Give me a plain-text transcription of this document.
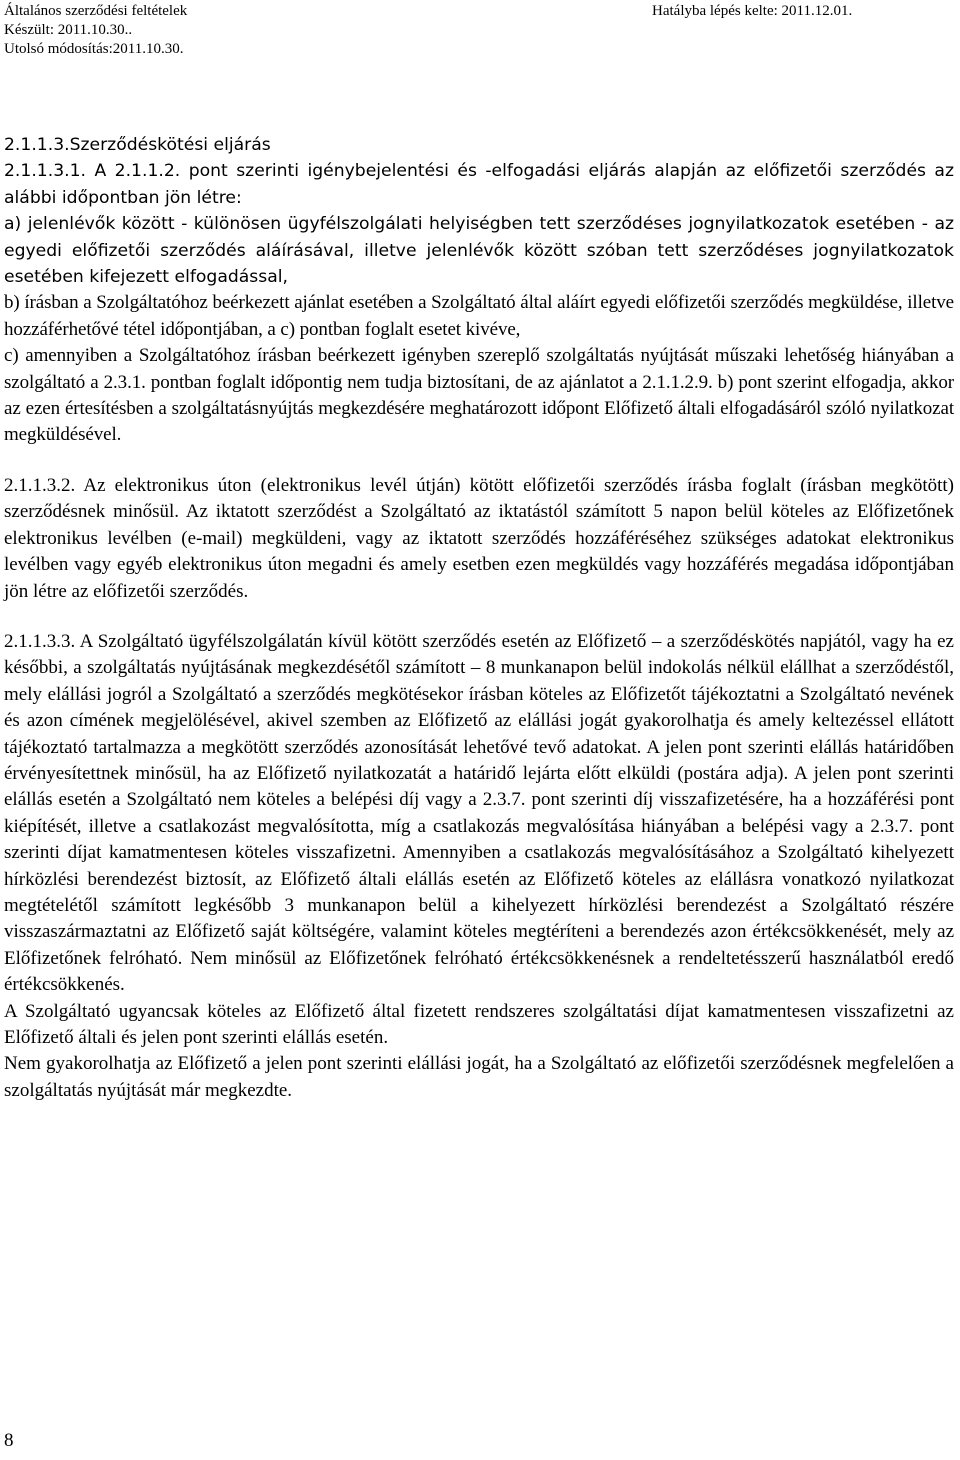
Általános szerződési feltételek
Készült: 2011.10.30..
Utolsó módosítás:2011.10.30.
Hatályba lépés kelte: 2011.12.01.

2.1.1.3.Szerződéskötési eljárás

2.1.1.3.1. A 2.1.1.2. pont szerinti igénybejelentési és -elfogadási eljárás alapján az előfizetői szerződés az alábbi időpontban jön létre:

a) jelenlévők között - különösen ügyfélszolgálati helyiségben tett szerződéses jognyilatkozatok esetében - az egyedi előfizetői szerződés aláírásával, illetve jelenlévők között szóban tett szerződéses jognyilatkozatok esetében kifejezett elfogadással,

b) írásban a Szolgáltatóhoz beérkezett ajánlat esetében a Szolgáltató által aláírt egyedi előfizetői szerződés megküldése, illetve hozzáférhetővé tétel időpontjában, a c) pontban foglalt esetet kivéve,

c) amennyiben a Szolgáltatóhoz írásban beérkezett igényben szereplő szolgáltatás nyújtását műszaki lehetőség hiányában a szolgáltató a 2.3.1. pontban foglalt időpontig nem tudja biztosítani, de az ajánlatot a 2.1.1.2.9. b) pont szerint elfogadja, akkor az ezen értesítésben a szolgáltatásnyújtás megkezdésére meghatározott időpont Előfizető általi elfogadásáról szóló nyilatkozat megküldésével.

2.1.1.3.2. Az elektronikus úton (elektronikus levél útján) kötött előfizetői szerződés írásba foglalt (írásban megkötött) szerződésnek minősül. Az iktatott szerződést a Szolgáltató az iktatástól számított 5 napon belül köteles az Előfizetőnek elektronikus levélben (e-mail) megküldeni, vagy az iktatott szerződés hozzáféréséhez szükséges adatokat elektronikus levélben vagy egyéb elektronikus úton megadni és amely esetben ezen megküldés vagy hozzáférés megadása időpontjában jön létre az előfizetői szerződés.

2.1.1.3.3. A Szolgáltató ügyfélszolgálatán kívül kötött szerződés esetén az Előfizető – a szerződéskötés napjától, vagy ha ez későbbi, a szolgáltatás nyújtásának megkezdésétől számított – 8 munkanapon belül indokolás nélkül elállhat a szerződéstől, mely elállási jogról a Szolgáltató a szerződés megkötésekor írásban köteles az Előfizetőt tájékoztatni a Szolgáltató nevének és azon címének megjelölésével, akivel szemben az Előfizető az elállási jogát gyakorolhatja és amely keltezéssel ellátott tájékoztató tartalmazza a megkötött szerződés azonosítását lehetővé tevő adatokat. A jelen pont szerinti elállás határidőben érvényesítettnek minősül, ha az Előfizető nyilatkozatát a határidő lejárta előtt elküldi (postára adja). A jelen pont szerinti elállás esetén a Szolgáltató nem köteles a belépési díj vagy a 2.3.7. pont szerinti díj visszafizetésére, ha a hozzáférési pont kiépítését, illetve a csatlakozást megvalósította, míg a csatlakozás megvalósítása hiányában a belépési vagy a 2.3.7. pont szerinti díjat kamatmentesen köteles visszafizetni. Amennyiben a csatlakozás megvalósításához a Szolgáltató kihelyezett hírközlési berendezést biztosít, az Előfizető általi elállás esetén az Előfizető köteles az elállásra vonatkozó nyilatkozat megtételétől számított legkésőbb 3 munkanapon belül a kihelyezett hírközlési berendezést a Szolgáltató részére visszaszármaztatni az Előfizető saját költségére, valamint köteles megtéríteni a berendezés azon értékcsökkenését, mely az Előfizetőnek felróható. Nem minősül az Előfizetőnek felróható értékcsökkenésnek a rendeltetésszerű használatból eredő értékcsökkenés.

A Szolgáltató ugyancsak köteles az Előfizető által fizetett rendszeres szolgáltatási díjat kamatmentesen visszafizetni az Előfizető általi és jelen pont szerinti elállás esetén.

Nem gyakorolhatja az Előfizető a jelen pont szerinti elállási jogát, ha a Szolgáltató az előfizetői szerződésnek megfelelően a szolgáltatás nyújtását már megkezdte.

8
